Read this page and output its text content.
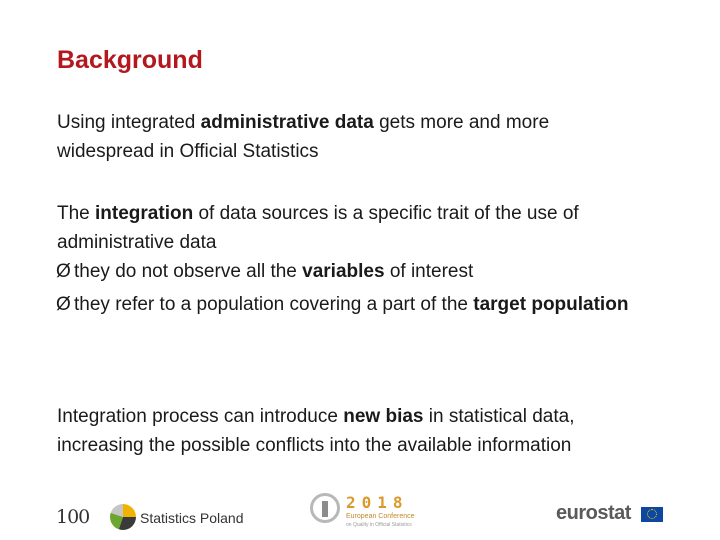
Background

Using integrated administrative data gets more and more
widespread in Official Statistics

The integration of data sources is a specific trait of the use of
administrative data

Ø they do not observe all the variables of interest
Ø they refer to a population covering a part of the target population

Integration process can introduce new bias in statistical data,
increasing the possible conflicts into the available information

100	Statistics Poland
2018
European Conference
on Quality in Official Statistics
eurostat
